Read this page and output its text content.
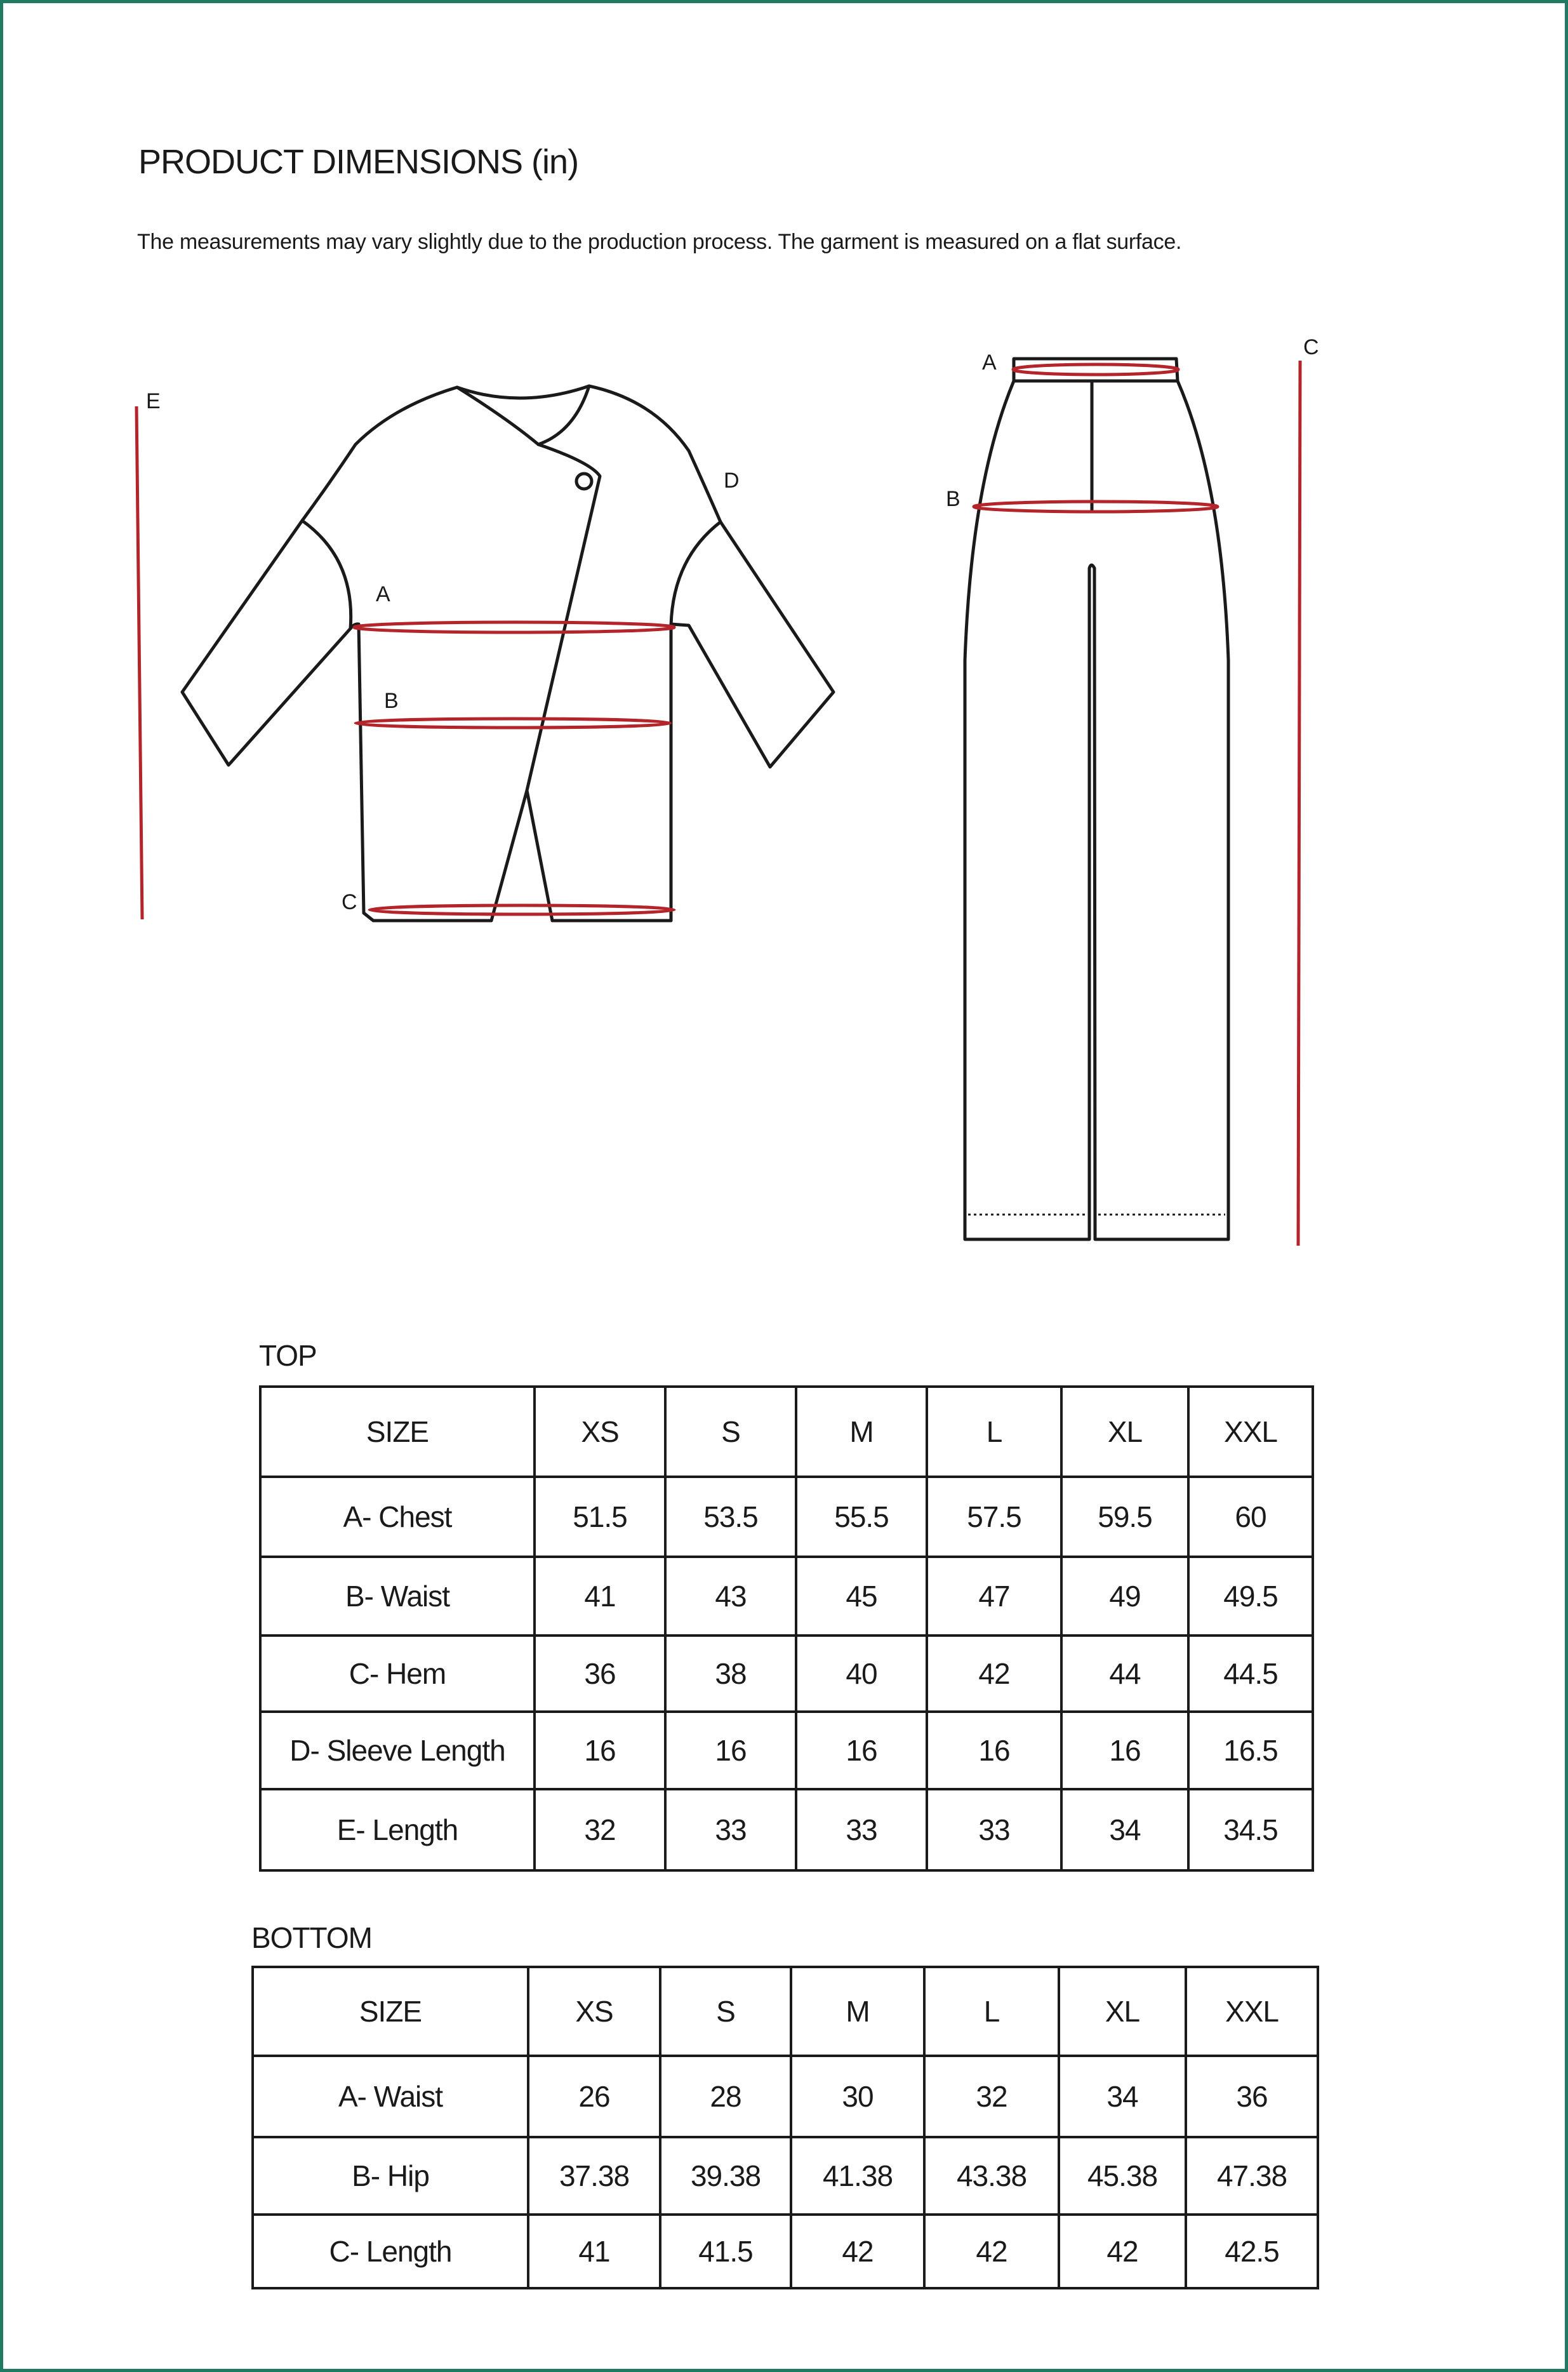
PRODUCT DIMENSIONS (in)
The measurements may vary slightly due to the production process. The garment is measured on a flat surface.
E
D
A
B
C
A
B
C
TOP
SIZE	XS	S	M	L	XL	XXL
A- Chest	51.5	53.5	55.5	57.5	59.5	60
B- Waist	41	43	45	47	49	49.5
C- Hem	36	38	40	42	44	44.5
D- Sleeve Length	16	16	16	16	16	16.5
E- Length	32	33	33	33	34	34.5
BOTTOM
SIZE	XS	S	M	L	XL	XXL
A- Waist	26	28	30	32	34	36
B- Hip	37.38	39.38	41.38	43.38	45.38	47.38
C- Length	41	41.5	42	42	42	42.5
